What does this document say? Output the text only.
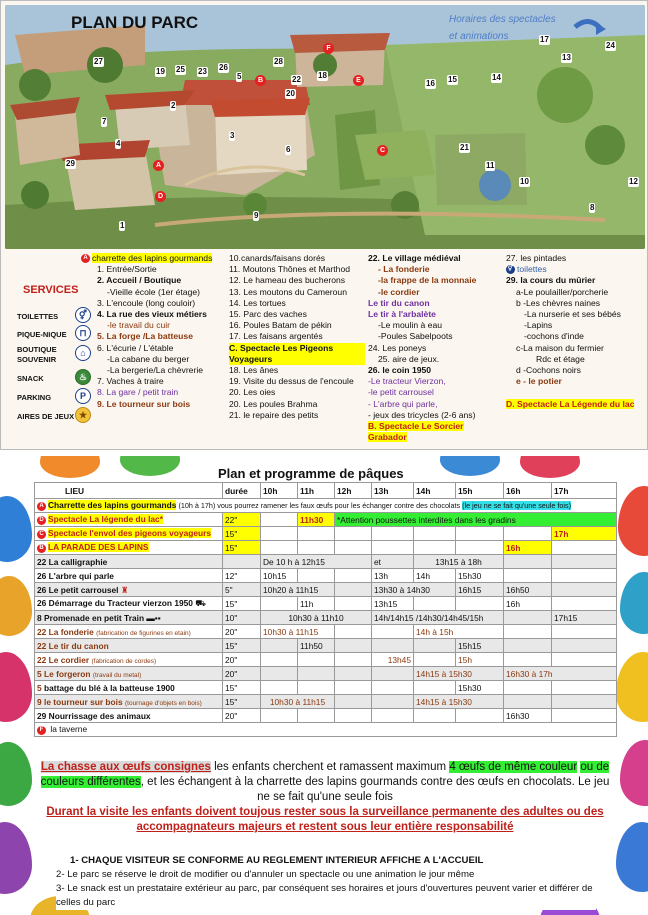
PLAN DU PARC	Horaires des spectacles
et animations
27
25	26
23
5
28
2
22 18
16 15	14
13
12
20
6	21
7
10
11
29
1
4
A
B
C
D
F
8
9
17
19
24
3
E
SERVICES
TOILETTES	⚥
PIQUE-NIQUE	⊓
BOUTIQUE SOUVENIR
⌂
SNACK	♨
PARKING	P
AIRES DE JEUX ★
A charrette des lapins gourmands
1. Entrée/Sortie
2. Accueil / Boutique
-Vieille école (1er étage)
3. L'encoule (long couloir)
4. La rue des vieux métiers
-le travail du cuir
5. La forge /La batteuse
6. L'écurie / L'étable
-La cabane du berger
-La bergerie/La chèvrerie
7. Vaches à traire
8. La gare / petit train
9. Le tourneur sur bois
10.canards/faisans dorés
11. Moutons Thônes et Marthod
12. Le hameau des bucherons
13. Les moutons du Cameroun
14. Les tortues
15. Parc des vaches
16. Poules Batam de pékin
17. Les faisans argentés
C. Spectacle Les Pigeons Voyageurs
18. Les ânes
19. Visite du dessus de l'encoule
20. Les oies
20. Les poules Brahma
21. le repaire des petits
22. Le village médiéval
- La fonderie
-la frappe de la monnaie
-le cordier
Le tir du canon
Le tir à l'arbalète
-Le moulin à eau
-Poules Sabelpoots
24. Les poneys
25. aire de jeux.
26. le coin 1950
-Le tracteur Vierzon,
-le petit carrousel
- L'arbre qui parle,
- jeux des tricycles (2-6 ans)
B. Spectacle Le Sorcier Grabador
27. les pintades
⚥ toilettes
29. la cours du mûrier
a-Le poulailler/porcherie
b -Les chèvres naines
-La nurserie et ses bébés
-Lapins
-cochons d'inde
c-La maison du fermier
Rdc et étage
d -Cochons noirs
e - le potier
D. Spectacle La Légende du lac
Plan et programme de pâques
LIEU	durée	10h	11h	12h	13h	14h	15h	16h	17h
A Charrette des lapins gourmands (10h à 17h) vous pourrez ramener les faux œufs pour les échanger contre des chocolats (le jeu ne se fait qu'une seule fois)									
D Spectacle La légende du lac*	22"		11h30	*Attention poussettes interdites dans les gradins					
C Spectacle l'envol des pigeons voyageurs	15"								17h
B LA PARADE DES LAPINS	15"							16h	
22 La calligraphie		De 10 h à 12h15			et	13h15 à 18h			
26 L'arbre qui parle	12"	10h15			13h	14h	15h30		
26 Le petit carrousel ♜	5"	10h20 à 11h15			13h30 à 14h30		16h15	16h50	
26 Démarrage du Tracteur vierzon 1950 ⛟	15"		11h		13h15			16h	
8 Promenade en petit Train ▬▪▪	10"	10h30 à 11h10			14h/14h15 /14h30/14h45/15h				17h15
22 La fonderie (fabrication de figurines en etain)	20"	10h30 à 11h15				14h à 15h			
22 Le tir du canon	15"		11h50				15h15		
22 Le cordier (fabrication de cordes)	20"				13h45		15h		
5 Le forgeron (travail du metal)	20"					14h15 à 15h30		16h30 à 17h	
5 battage du blé à la batteuse 1900	15"						15h30		
9 le tourneur sur bois (tournage d'objets en bois)	15"	10h30 à 11h15				14h15 à 15h30			
29 Nourrissage des animaux	20"							16h30	
F la taverne									
La chasse aux œufs consignes les enfants cherchent et ramassent maximum 4 œufs de même couleur ou de couleurs différentes, et les échangent à la charrette des lapins gourmands contre des œufs en chocolats. Le jeu ne se fait qu'une seule fois
Durant la visite les enfants doivent toujous rester sous la surveillance permanente des adultes ou des accompagnateurs majeurs et restent sous leur entière responsabilité
1- CHAQUE VISITEUR SE CONFORME AU REGLEMENT INTERIEUR AFFICHE A L'ACCUEIL
2- Le parc se réserve le droit de modifier ou d'annuler un spectacle ou une animation le jour même
3- Le snack est un prestataire extérieur au parc, par conséquent ses horaires et jours d'ouvertures peuvent varier et différer de celles du parc
